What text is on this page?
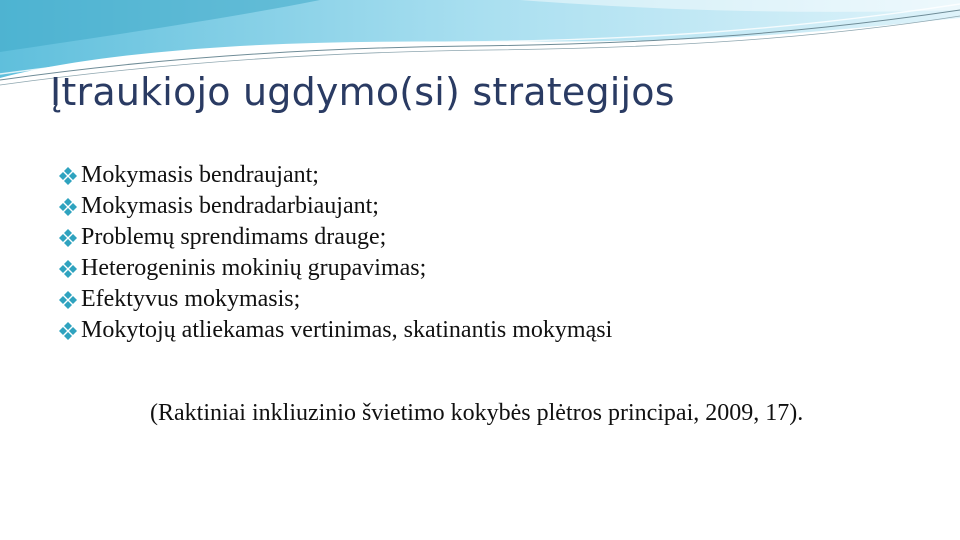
Įtraukiojo ugdymo(si) strategijos
Mokymasis bendraujant;
Mokymasis bendradarbiaujant;
Problemų sprendimams drauge;
Heterogeninis mokinių grupavimas;
Efektyvus mokymasis;
Mokytojų atliekamas vertinimas, skatinantis mokymąsi
(Raktiniai inkliuzinio švietimo kokybės plėtros principai, 2009, 17).
